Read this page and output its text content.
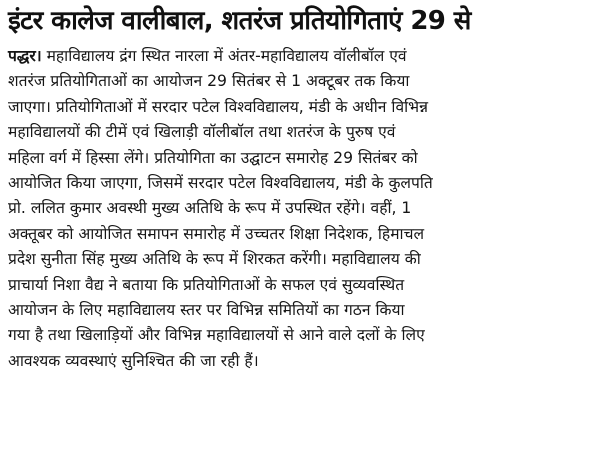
इंटर कालेज वालीबाल, शतरंज प्रतियोगिताएं 29 से
पद्धर। महाविद्यालय द्रंग स्थित नारला में अंतर-महाविद्यालय वॉलीबॉल एवं
शतरंज प्रतियोगिताओं का आयोजन 29 सितंबर से 1 अक्टूबर तक किया
जाएगा। प्रतियोगिताओं में सरदार पटेल विश्वविद्यालय, मंडी के अधीन विभिन्न
महाविद्यालयों की टीमें एवं खिलाड़ी वॉलीबॉल तथा शतरंज के पुरुष एवं
महिला वर्ग में हिस्सा लेंगे। प्रतियोगिता का उद्घाटन समारोह 29 सितंबर को
आयोजित किया जाएगा, जिसमें सरदार पटेल विश्वविद्यालय, मंडी के कुलपति
प्रो. ललित कुमार अवस्थी मुख्य अतिथि के रूप में उपस्थित रहेंगे। वहीं, 1
अक्तूबर को आयोजित समापन समारोह में उच्चतर शिक्षा निदेशक, हिमाचल
प्रदेश सुनीता सिंह मुख्य अतिथि के रूप में शिरकत करेंगी। महाविद्यालय की
प्राचार्या निशा वैद्य ने बताया कि प्रतियोगिताओं के सफल एवं सुव्यवस्थित
आयोजन के लिए महाविद्यालय स्तर पर विभिन्न समितियों का गठन किया
गया है तथा खिलाड़ियों और विभिन्न महाविद्यालयों से आने वाले दलों के लिए
आवश्यक व्यवस्थाएं सुनिश्चित की जा रही हैं।
